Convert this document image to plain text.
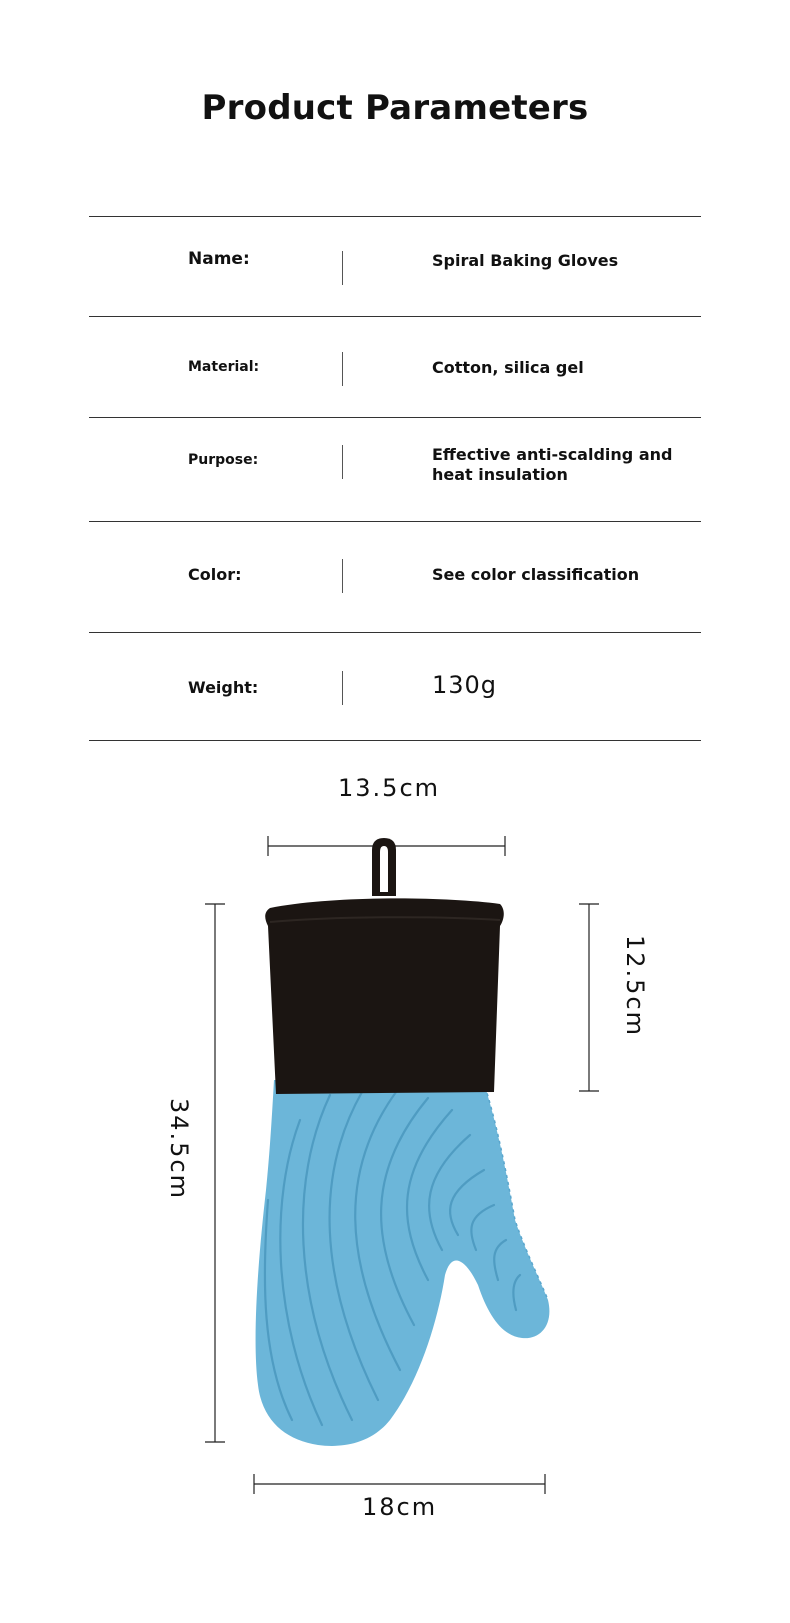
Product Parameters
Name:	Spiral Baking Gloves
Material:	Cotton, silica gel
Purpose:	Effective anti-scalding and heat insulation
Color:	See color classification
Weight:	130g
13.5cm
12.5cm
34.5cm
18cm
